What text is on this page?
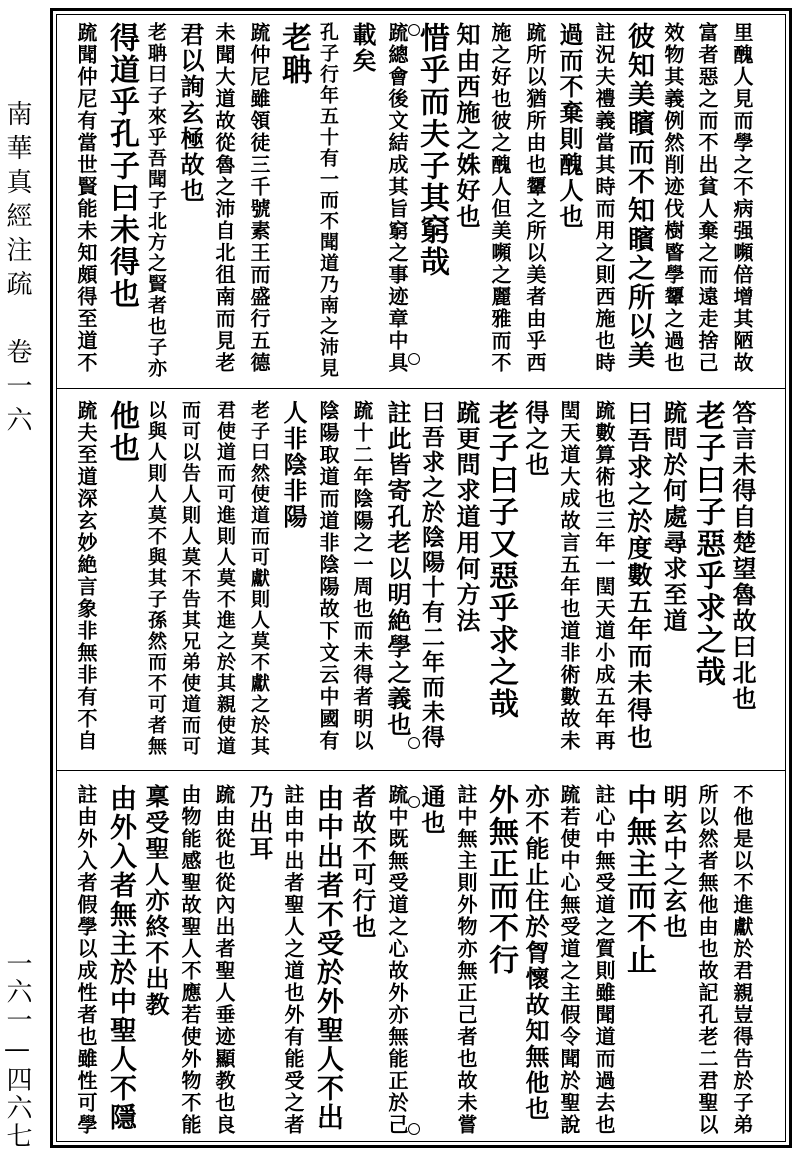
南華真經注疏　卷一六
一六一—四六七
里醜人見而學之不病强嚬倍增其陋故
富者惡之而不出貧人棄之而遠走捨己
效物其義例然削迹伐樹睯學顰之過也
彼知美矉而不知矉之所以美
註況夫禮義當其時而用之則西施也時
過而不棄則醜人也
䟽所以猶所由也顰之所以美者由乎西
施之好也彼之醜人但美嚬之麗雅而不
知由西施之姝好也
惜乎而夫子其窮哉
䟽總會後文結成其旨窮之事迹章中具
載矣
孔子行年五十有一而不聞道乃南之沛見
老聃
䟽仲尼雖領徒三千號素王而盛行五德
未聞大道故從魯之沛自北徂南而見老
君以詢玄極故也
老聃曰子來乎吾聞子北方之賢者也子亦
得道乎孔子曰未得也
䟽聞仲尼有當世賢能未知頗得至道不
答言未得自楚望魯故曰北也
老子曰子惡乎求之哉
䟽問於何處尋求至道
曰吾求之於度數五年而未得也
䟽數算術也三年一閏天道小成五年再
閏天道大成故言五年也道非術數故未
得之也
老子曰子又惡乎求之哉
䟽更問求道用何方法
曰吾求之於陰陽十有二年而未得
註此皆寄孔老以明絶學之義也
䟽十二年陰陽之一周也而未得者明以
陰陽取道而道非陰陽故下文云中國有
人非陰非陽
老子曰然使道而可獻則人莫不獻之於其
君使道而可進則人莫不進之於其親使道
而可以告人則人莫不告其兄弟使道而可
以與人則人莫不與其子孫然而不可者無
他也
䟽夫至道深玄妙絶言象非無非有不自
不他是以不進獻於君親豈得告於子弟
所以然者無他由也故記孔老二君聖以
明玄中之玄也
中無主而不止
註心中無受道之質則雖聞道而過去也
䟽若使中心無受道之主假令聞於聖說
亦不能止住於胷懷故知無他也
外無正而不行
註中無主則外物亦無正己者也故未嘗
通也
䟽中既無受道之心故外亦無能正於己
者故不可行也
由中出者不受於外聖人不出
註由中出者聖人之道也外有能受之者
乃出耳
䟽由從也從內出者聖人垂迹顯教也良
由物能感聖故聖人不應若使外物不能
稟受聖人亦終不出教
由外入者無主於中聖人不隱
註由外入者假學以成性者也雖性可學
